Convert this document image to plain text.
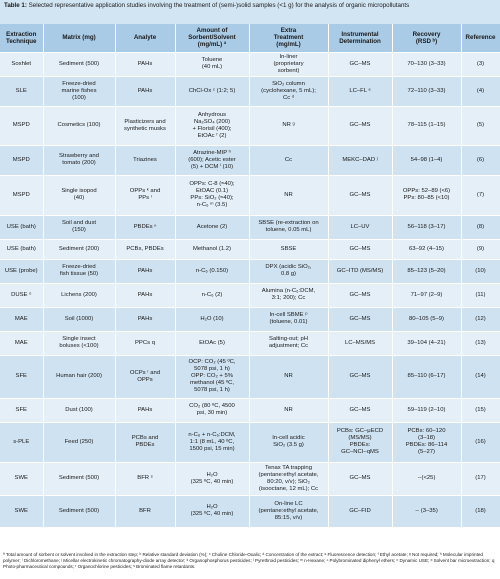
Table 1: Selected representative application studies involving the treatment of (semi-)solid samples (<1 g) for the analysis of organic micropollutants
Extraction
Technique	Matrix (mg)	Analyte	Amount of
Sorbent/Solvent
(mg/mL) ª	Extra
Treatment
(mg/mL)	Instrumental
Determination	Recovery
(RSD ᵇ)	Reference
Soxhlet	Sediment (500)	PAHs	Toluene
(40 mL)	In-liner
(proprietary
sorbent)	GC–MS	70–130 (3–33)	(3)
SLE	Freeze-dried
marine fishes
(100)	PAHs	ChCl-Ox ᶜ (1:2; 5)	SiO₂ column
(cyclohexane, 5 mL);
Cc ᵈ	LC–FL ᵉ	72–110 (3–33)	(4)
MSPD	Cosmetics (100)	Plasticizers and
synthetic musks	Anhydrous
Na₂SO₄ (200)
+ Florisil (400);
EtOAc ᶠ (2)	NR ᵍ	GC–MS	78–115 (1–15)	(5)
MSPD	Strawberry and
tomato (200)	Triazines	Atrazine-MIP ʰ
(600); Acetic ester
(5) + DCM ⁱ (10)	Cc	MEKC–DAD ʲ	54–98 (1–4)	(6)
MSPD	Single isopod
(40)	OPPs ᵏ and
PPs ˡ	OPPs: C-8 (≈40);
EtOAC (0.1)
PPs: SiO₂ (≈40);
n-C₆ ᵐ (3.5)	NR	GC–MS	OPPs: 52–89 (<6)
PPs: 80–85 (<10)	(7)
USE (bath)	Soil and dust
(150)	PBDEs ⁿ	Acetone (2)	SBSE (re-extraction on
toluene, 0.05 mL)	LC–UV	56–118 (3–17)	(8)
USE (bath)	Sediment (200)	PCBs, PBDEs	Methanol (1.2)	SBSE	GC–MS	63–92 (4–15)	(9)
USE (probe)	Freeze-dried
fish tissue (50)	PAHs	n-C₆ (0.150)	DPX (acidic SiO₂,
0.8 g)	GC–ITD (MS/MS)	85–123 (5–20)	(10)
DUSE ᵒ	Lichens (200)	PAHs	n-C₆ (2)	Alumina (n-C₆:DCM,
3:1; 200); Cc	GC–MS	71–97 (2–9)	(11)
MAE	Soil (1000)	PAHs	H₂O (10)	In-cell SBME ᵖ
(toluene, 0.01)	GC–MS	80–105 (5–9)	(12)
MAE	Single insect
boluses (<100)	PPCs q	EtOAc (5)	Salting-out; pH
adjustment; Cc	LC–MS/MS	39–104 (4–21)	(13)
SFE	Human hair (200)	OCPs ʳ and
OPPs	OCP: CO₂ (45 ºC,
5078 psi, 1 h)
OPP: CO₂ + 5%
methanol (45 ºC,
5078 psi, 1 h)	NR	GC–MS	85–110 (6–17)	(14)
SFE	Dust (100)	PAHs	CO₂ (80 ºC, 4500
psi, 30 min)	NR	GC–MS	59–119 (2–10)	(15)
s-PLE	Feed (250)	PCBs and
PBDEs	n-C₆ + n-C₆:DCM,
1:1 (8 mL, 40 ºC,
1500 psi, 15 min)	In-cell acidic
SiO₂ (3.5 g)	PCBs: GC–μECD
(MS/MS)
PBDEs:
GC–NCI–qMS	PCBs: 60–120
(3–18)
PBDEs: 86–114
(5–27)	(16)
SWE	Sediment (500)	BFR ˢ	H₂O
(325 ºC, 40 min)	Tenax TA trapping
(pentane:ethyl acetate,
80:20, v/v); SiO₂
(isooctane, 12 mL); Cc	GC–MS	--(<25)	(17)
SWE	Sediment (500)	BFR	H₂O
(325 ºC, 40 min)	On-line LC
(pentane:ethyl acetate,
85:15, v/v)	GC–FID	-- (3–35)	(18)
ª Total amount of sorbent or solvent involved in the extraction step; ᵇ Relative standard deviation (%); ᶜ Choline Chloride-Oxalic; ᵈ Concentration of the extract; ᵉ Fluorescence detection; ᶠ Ethyl acetate; ᵍ Not required; ʰ Molecular imprinted polymer; ⁱ Dichloromethane; ʲ Micellar electrokinetic chromatography-diode array detector; ᵏ Organophosphorus pesticides; ˡ Pyrethroid pesticides; ᵐ n-Hexane; ⁿ Polybrominated diphenyl ethers; ᵒ Dynamic USE; ᵖ Solvent bar microextraction; q Photo-pharmaceutical compounds; ʳ Organochlorine pesticides; ˢ Brominated flame retardants.
